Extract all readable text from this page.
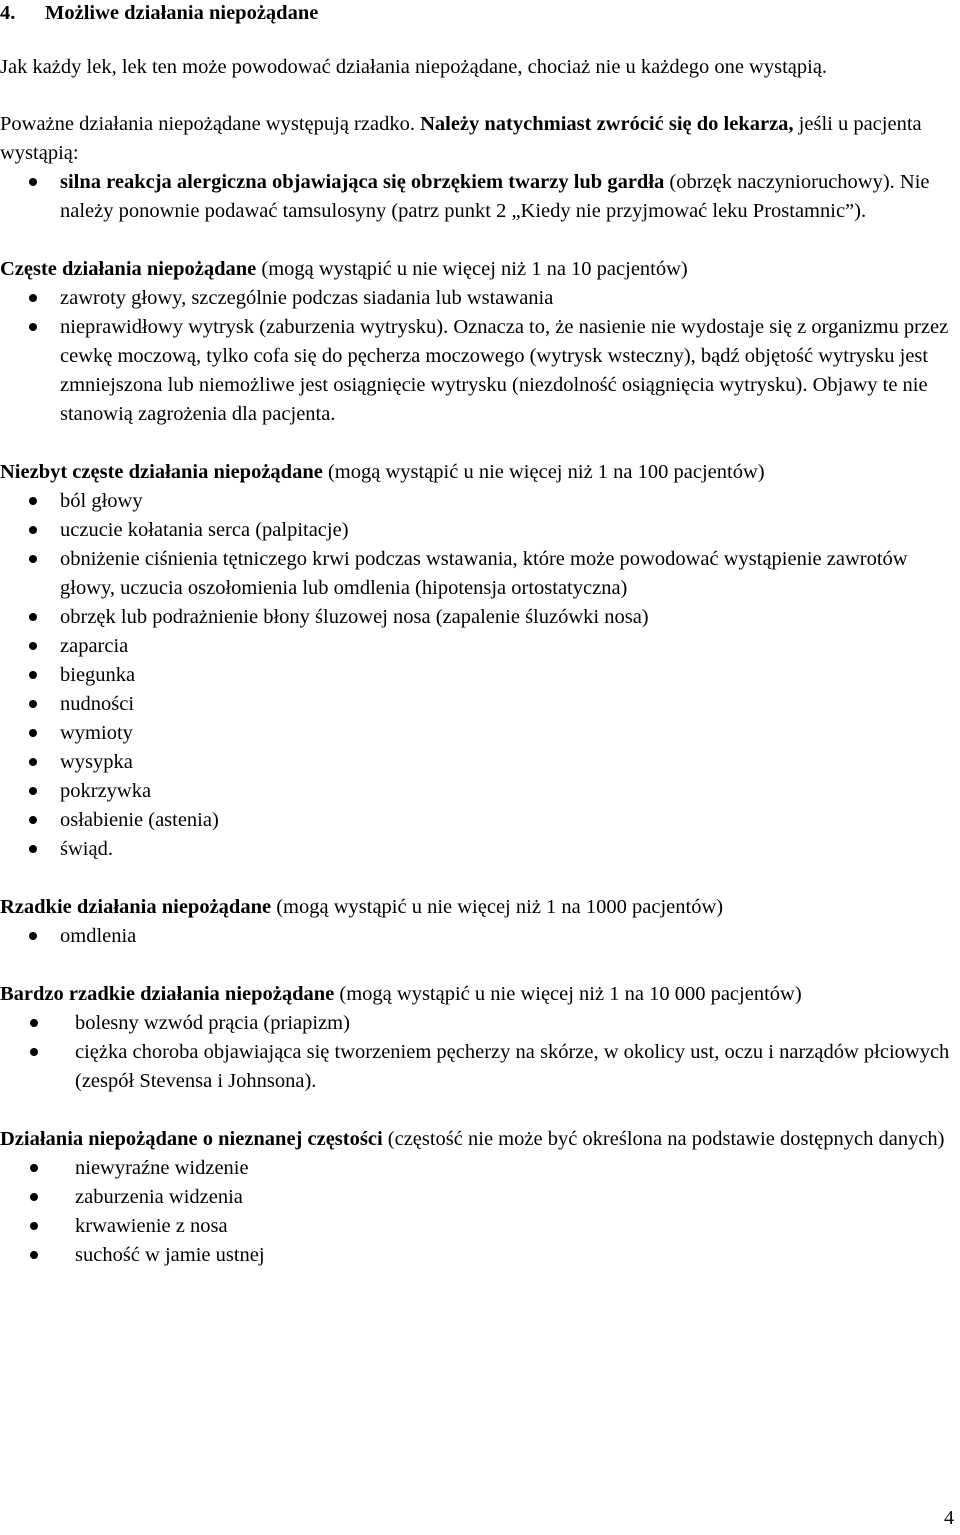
4. Możliwe działania niepożądane
Jak każdy lek, lek ten może powodować działania niepożądane, chociaż nie u każdego one wystąpią.
Poważne działania niepożądane występują rzadko. Należy natychmiast zwrócić się do lekarza, jeśli u pacjenta wystąpią:
silna reakcja alergiczna objawiająca się obrzękiem twarzy lub gardła (obrzęk naczynioruchowy). Nie należy ponownie podawać tamsulosyny (patrz punkt 2 „Kiedy nie przyjmować leku Prostamnic”).
Częste działania niepożądane (mogą wystąpić u nie więcej niż 1 na 10 pacjentów)
zawroty głowy, szczególnie podczas siadania lub wstawania
nieprawidłowy wytrysk (zaburzenia wytrysku). Oznacza to, że nasienie nie wydostaje się z organizmu przez cewkę moczową, tylko cofa się do pęcherza moczowego (wytrysk wsteczny), bądź objętość wytrysku jest zmniejszona lub niemożliwe jest osiągnięcie wytrysku (niezdolność osiągnięcia wytrysku). Objawy te nie stanowią zagrożenia dla pacjenta.
Niezbyt częste działania niepożądane (mogą wystąpić u nie więcej niż 1 na 100 pacjentów)
ból głowy
uczucie kołatania serca (palpitacje)
obniżenie ciśnienia tętniczego krwi podczas wstawania, które może powodować wystąpienie zawrotów głowy, uczucia oszołomienia lub omdlenia (hipotensja ortostatyczna)
obrzęk lub podrażnienie błony śluzowej nosa (zapalenie śluzówki nosa)
zaparcia
biegunka
nudności
wymioty
wysypka
pokrzywka
osłabienie (astenia)
świąd.
Rzadkie działania niepożądane (mogą wystąpić u nie więcej niż 1 na 1000 pacjentów)
omdlenia
Bardzo rzadkie działania niepożądane (mogą wystąpić u nie więcej niż 1 na 10 000 pacjentów)
bolesny wzwód prącia (priapizm)
ciężka choroba objawiająca się tworzeniem pęcherzy na skórze, w okolicy ust, oczu i narządów płciowych (zespół Stevensa i Johnsona).
Działania niepożądane o nieznanej częstości (częstość nie może być określona na podstawie dostępnych danych)
niewyraźne widzenie
zaburzenia widzenia
krwawienie z nosa
suchość w jamie ustnej
4
